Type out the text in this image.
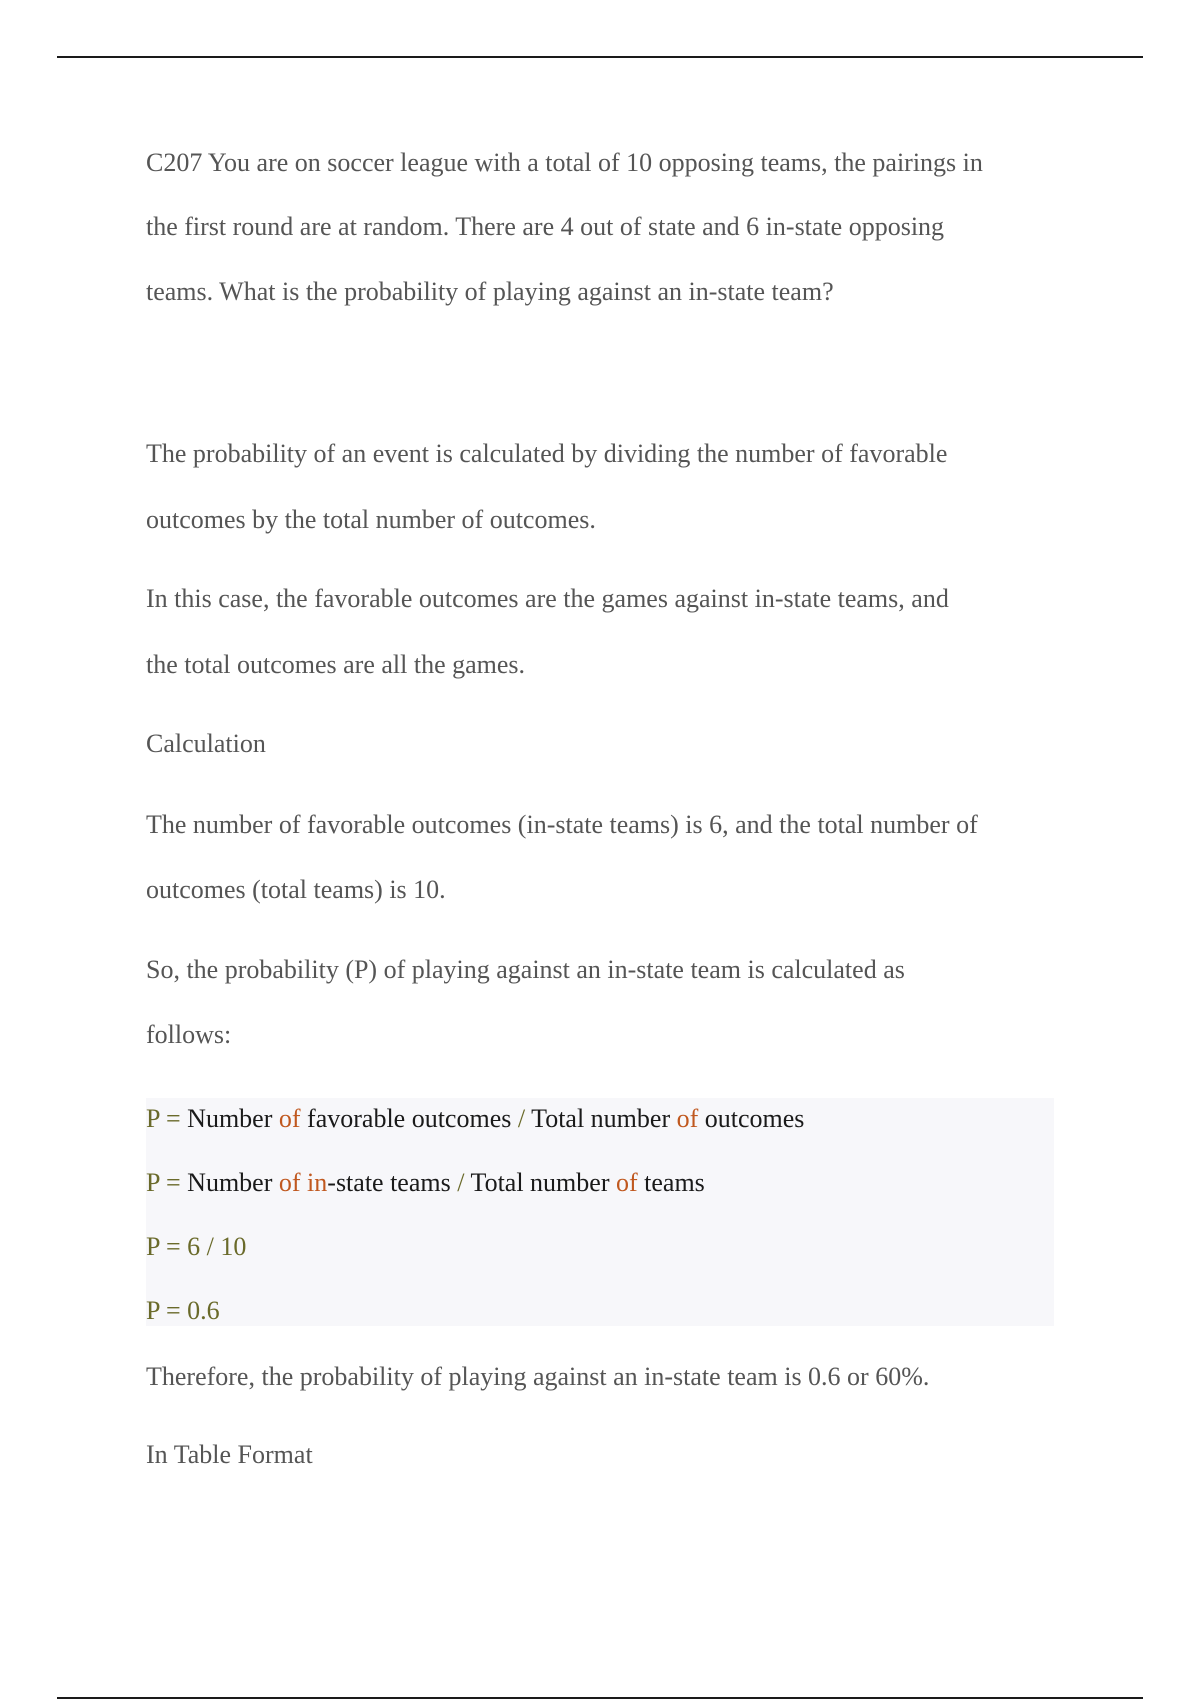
C207 You are on soccer league with a total of 10 opposing teams, the pairings in
the first round are at random. There are 4 out of state and 6 in-state opposing
teams. What is the probability of playing against an in-state team?
The probability of an event is calculated by dividing the number of favorable
outcomes by the total number of outcomes.
In this case, the favorable outcomes are the games against in-state teams, and
the total outcomes are all the games.
Calculation
The number of favorable outcomes (in-state teams) is 6, and the total number of
outcomes (total teams) is 10.
So, the probability (P) of playing against an in-state team is calculated as
follows:
P = Number of favorable outcomes / Total number of outcomes
P = Number of in-state teams / Total number of teams
P = 6 / 10
P = 0.6
Therefore, the probability of playing against an in-state team is 0.6 or 60%.
In Table Format
